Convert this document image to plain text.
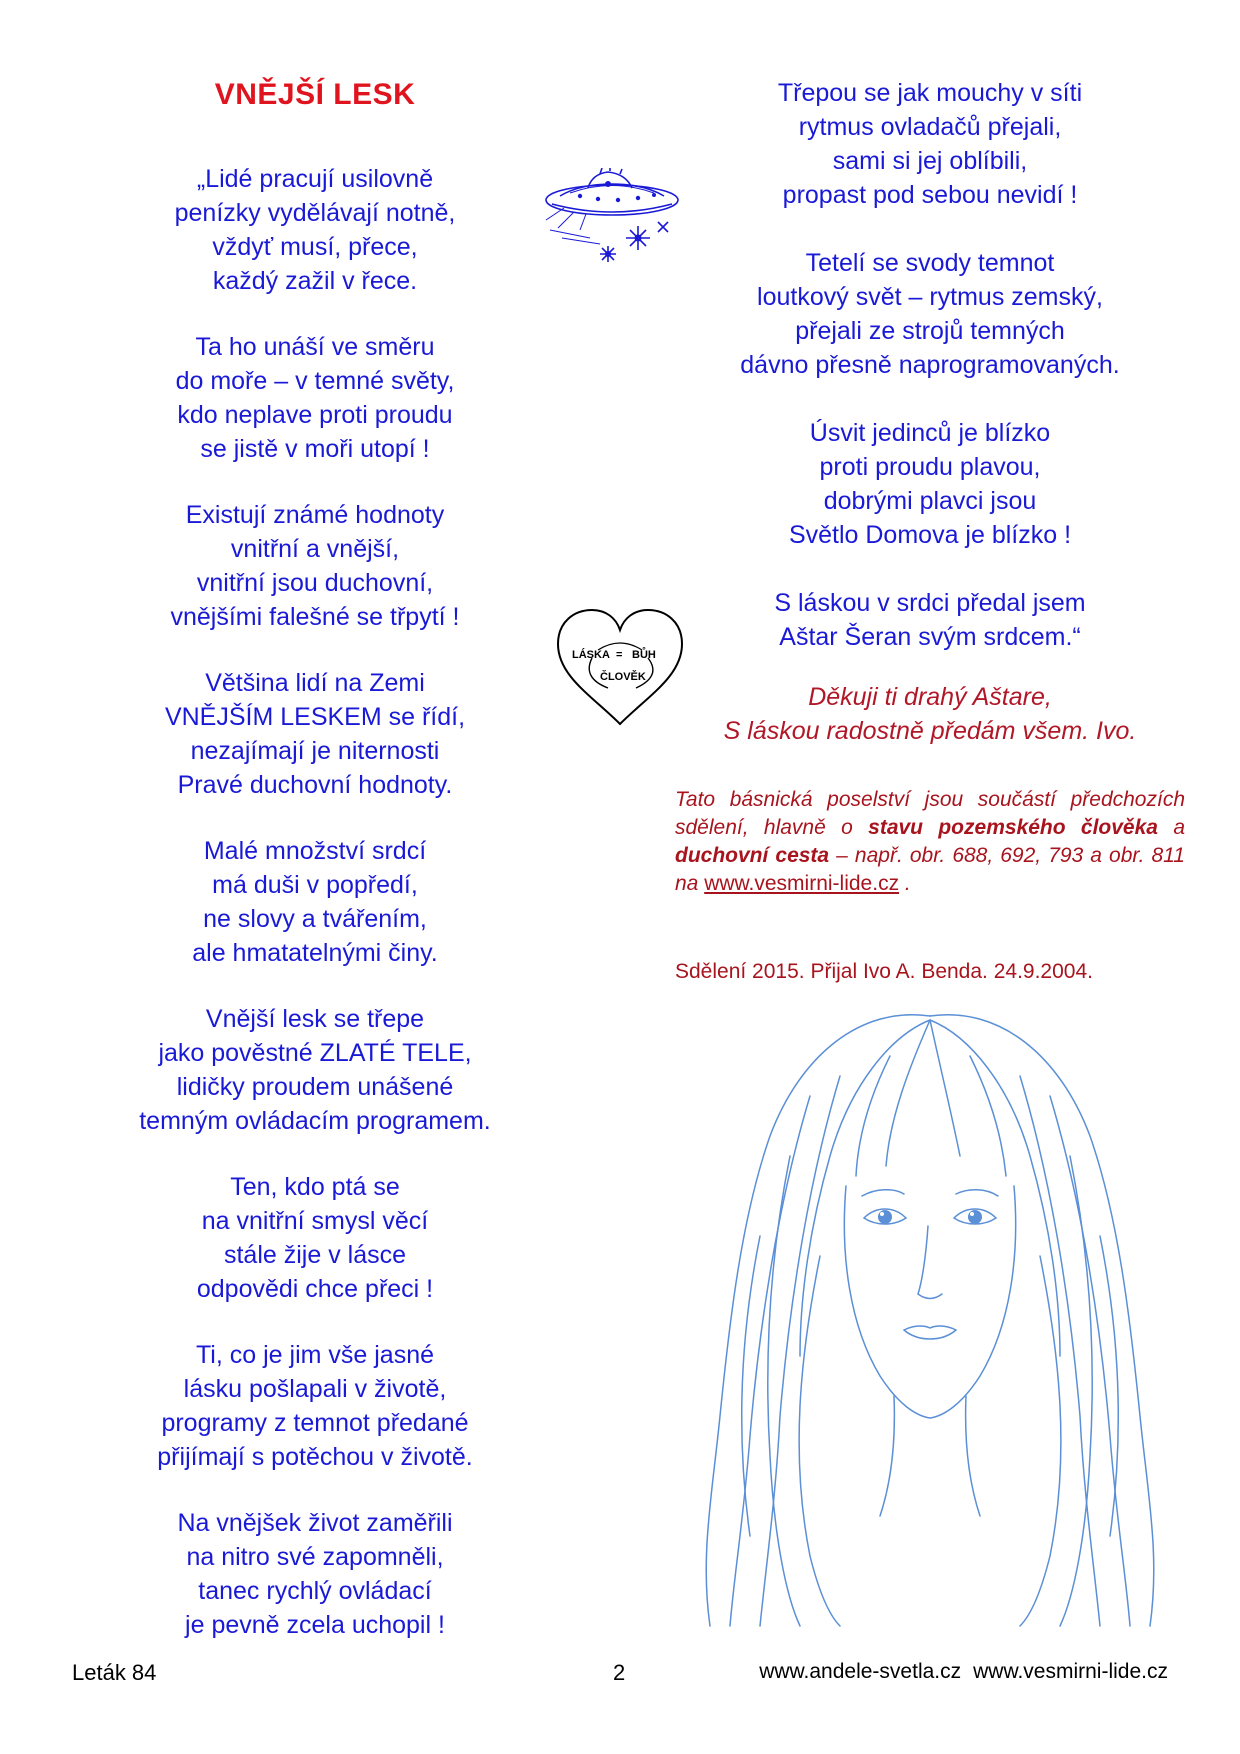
VNĚJŠÍ LESK
„Lidé pracují usilovně
penízky vydělávají notně,
vždyť musí, přece,
každý zažil v řece.
Ta ho unáší ve směru
do moře – v temné světy,
kdo neplave proti proudu
se jistě v moři utopí !
Existují známé hodnoty
vnitřní a vnější,
vnitřní jsou duchovní,
vnějšími falešné se třpytí !
Většina lidí na Zemi
VNĚJŠÍM LESKEM se řídí,
nezajímají je niternosti
Pravé duchovní hodnoty.
Malé množství srdcí
má duši v popředí,
ne slovy a tvářením,
ale hmatatelnými činy.
Vnější lesk se třepe
jako pověstné ZLATÉ TELE,
lidičky proudem unášené
temným ovládacím programem.
Ten, kdo ptá se
na vnitřní smysl věcí
stále žije v lásce
odpovědi chce přeci !
Ti, co je jim vše jasné
lásku pošlapali v životě,
programy z temnot předané
přijímají s potěchou v životě.
Na vnějšek život zaměřili
na nitro své zapomněli,
tanec rychlý ovládací
je pevně zcela uchopil !
Třepou se jak mouchy v síti
rytmus ovladačů přejali,
sami si jej oblíbili,
propast pod sebou nevidí !
Tetelí se svody temnot
loutkový svět – rytmus zemský,
přejali ze strojů temných
dávno přesně naprogramovaných.
Úsvit jedinců je blízko
proti proudu plavou,
dobrými plavci jsou
Světlo Domova je blízko !
S láskou v srdci předal jsem
Aštar Šeran svým srdcem.“
Děkuji ti drahý Aštare,
S láskou radostně předám všem. Ivo.
LÁSKA = BŮH
ČLOVĚK
Tato básnická poselství jsou součástí předchozích sdělení, hlavně o stavu pozemského člověka a duchovní cesta – např. obr. 688, 692, 793 a obr. 811 na www.vesmirni-lide.cz .
Sdělení 2015. Přijal Ivo A. Benda. 24.9.2004.
Leták 84	2	www.andele-svetla.cz www.vesmirni-lide.cz
